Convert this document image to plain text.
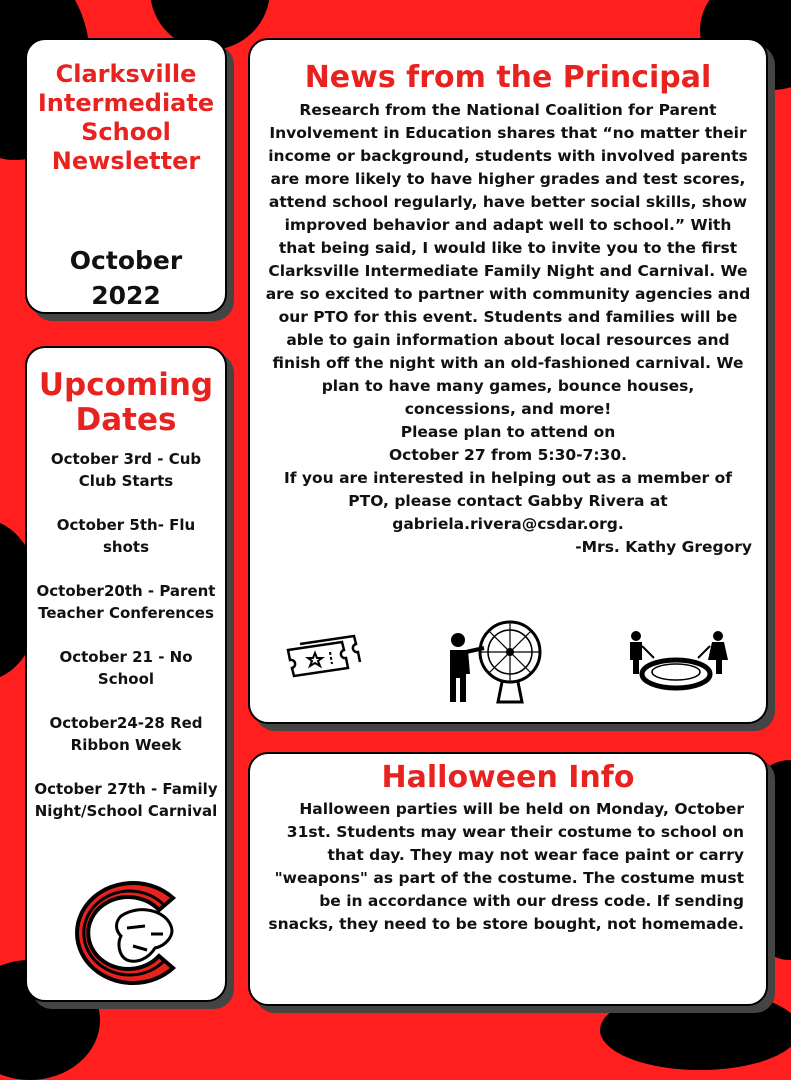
Clarksville Intermediate School Newsletter
October
2022
Upcoming Dates

October 3rd - Cub Club Starts

October 5th- Flu shots

October20th - Parent Teacher Conferences

October 21 - No School

October24-28 Red Ribbon Week

October 27th - Family Night/School Carnival

News from the Principal
Research from the National Coalition for Parent Involvement in Education shares that “no matter their income or background, students with involved parents are more likely to have higher grades and test scores, attend school regularly, have better social skills, show improved behavior and adapt well to school.” With that being said, I would like to invite you to the first Clarksville Intermediate Family Night and Carnival. We are so excited to partner with community agencies and our PTO for this event. Students and families will be able to gain information about local resources and finish off the night with an old-fashioned carnival. We plan to have many games, bounce houses, concessions, and more!
Please plan to attend on
October 27 from 5:30-7:30.
If you are interested in helping out as a member of PTO, please contact Gabby Rivera at gabriela.rivera@csdar.org.
-Mrs. Kathy Gregory
Halloween Info
Halloween parties will be held on Monday, October 31st. Students may wear their costume to school on that day. They may not wear face paint or carry "weapons" as part of the costume. The costume must be in accordance with our dress code. If sending snacks, they need to be store bought, not homemade.
